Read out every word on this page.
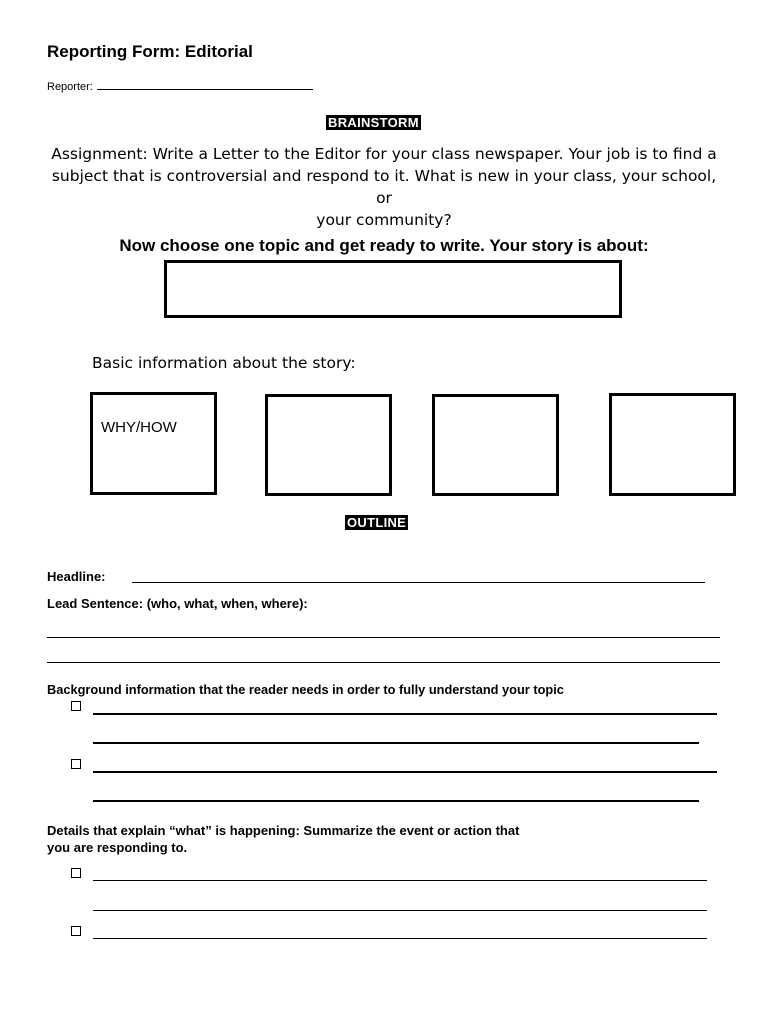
Reporting Form: Editorial
Reporter:
BRAINSTORM
Assignment: Write a Letter to the Editor for your class newspaper. Your job is to find a
subject that is controversial and respond to it. What is new in your class, your school, or
your community?
Now choose one topic and get ready to write. Your story is about:
Basic information about the story:
WHY/HOW
OUTLINE
Headline:
Lead Sentence: (who, what, when, where):
Background information that the reader needs in order to fully understand your topic
Details that explain “what” is happening: Summarize the event or action that
you are responding to.
